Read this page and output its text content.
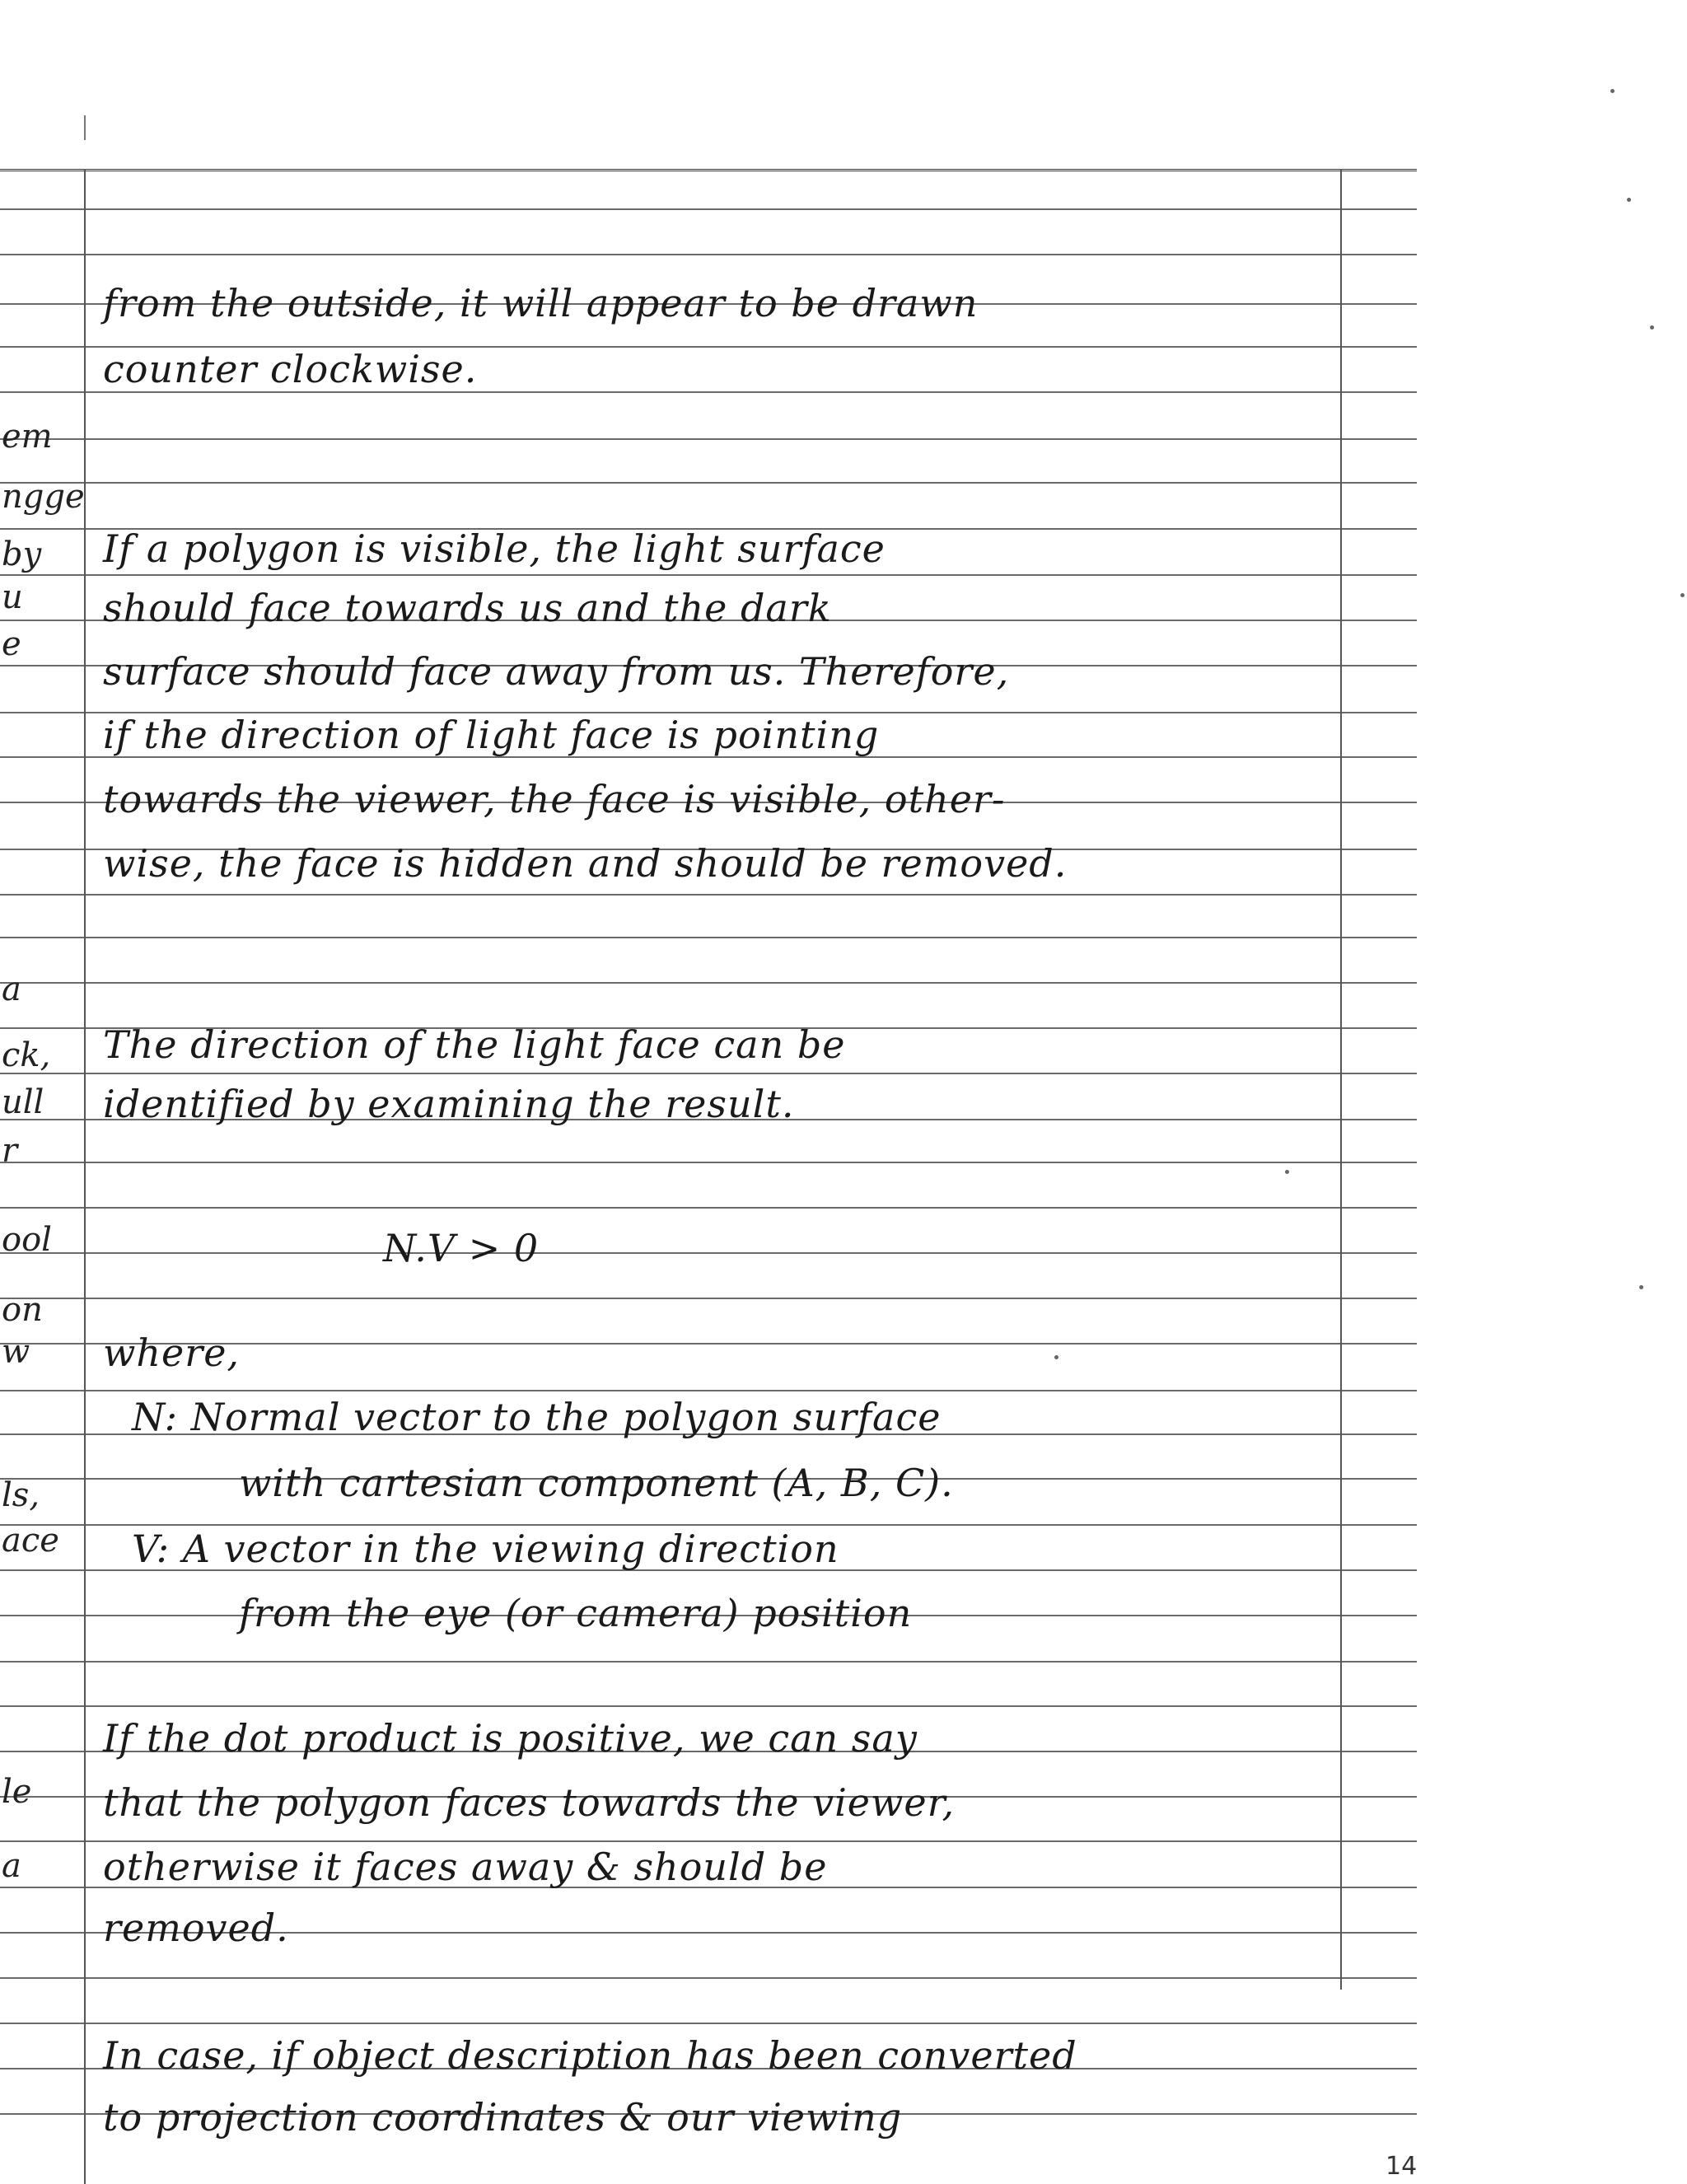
em
ngge
by
u
e
a
ck,
ull
r
ool
on
w
ls,
ace
le
a
from the outside, it will appear to be drawn
counter clockwise.
If a polygon is visible, the light surface
should face towards us and the dark
surface should face away from us. Therefore,
if the direction of light face is pointing
towards the viewer, the face is visible, other-
wise, the face is hidden and should be removed.
The direction of the light face can be
identified by examining the result.
N.V > 0
where,
N: Normal vector to the polygon surface
with cartesian component (A, B, C).
V: A vector in the viewing direction
from the eye (or camera) position
If the dot product is positive, we can say
that the polygon faces towards the viewer,
otherwise it faces away & should be
removed.
In case, if object description has been converted
to projection coordinates & our viewing
14
